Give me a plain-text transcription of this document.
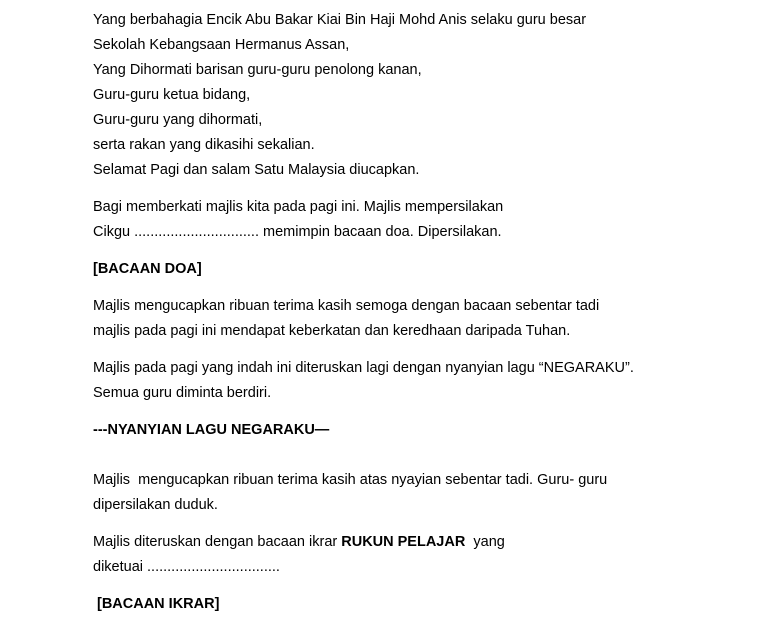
Yang berbahagia Encik Abu Bakar Kiai Bin Haji Mohd Anis selaku guru besar
Sekolah Kebangsaan Hermanus Assan,
Yang Dihormati barisan guru-guru penolong kanan,
Guru-guru ketua bidang,
Guru-guru yang dihormati,
serta rakan yang dikasihi sekalian.
Selamat Pagi dan salam Satu Malaysia diucapkan.
Bagi memberkati majlis kita pada pagi ini. Majlis mempersilakan
Cikgu ............................... memimpin bacaan doa. Dipersilakan.
[BACAAN DOA]
Majlis mengucapkan ribuan terima kasih semoga dengan bacaan sebentar tadi
majlis pada pagi ini mendapat keberkatan dan keredhaan daripada Tuhan.
Majlis pada pagi yang indah ini diteruskan lagi dengan nyanyian lagu “NEGARAKU”.
Semua guru diminta berdiri.
---NYANYIAN LAGU NEGARAKU—
Majlis  mengucapkan ribuan terima kasih atas nyayian sebentar tadi. Guru- guru
dipersilakan duduk.
Majlis diteruskan dengan bacaan ikrar RUKUN PELAJAR  yang
diketuai .................................
[BACAAN IKRAR]
